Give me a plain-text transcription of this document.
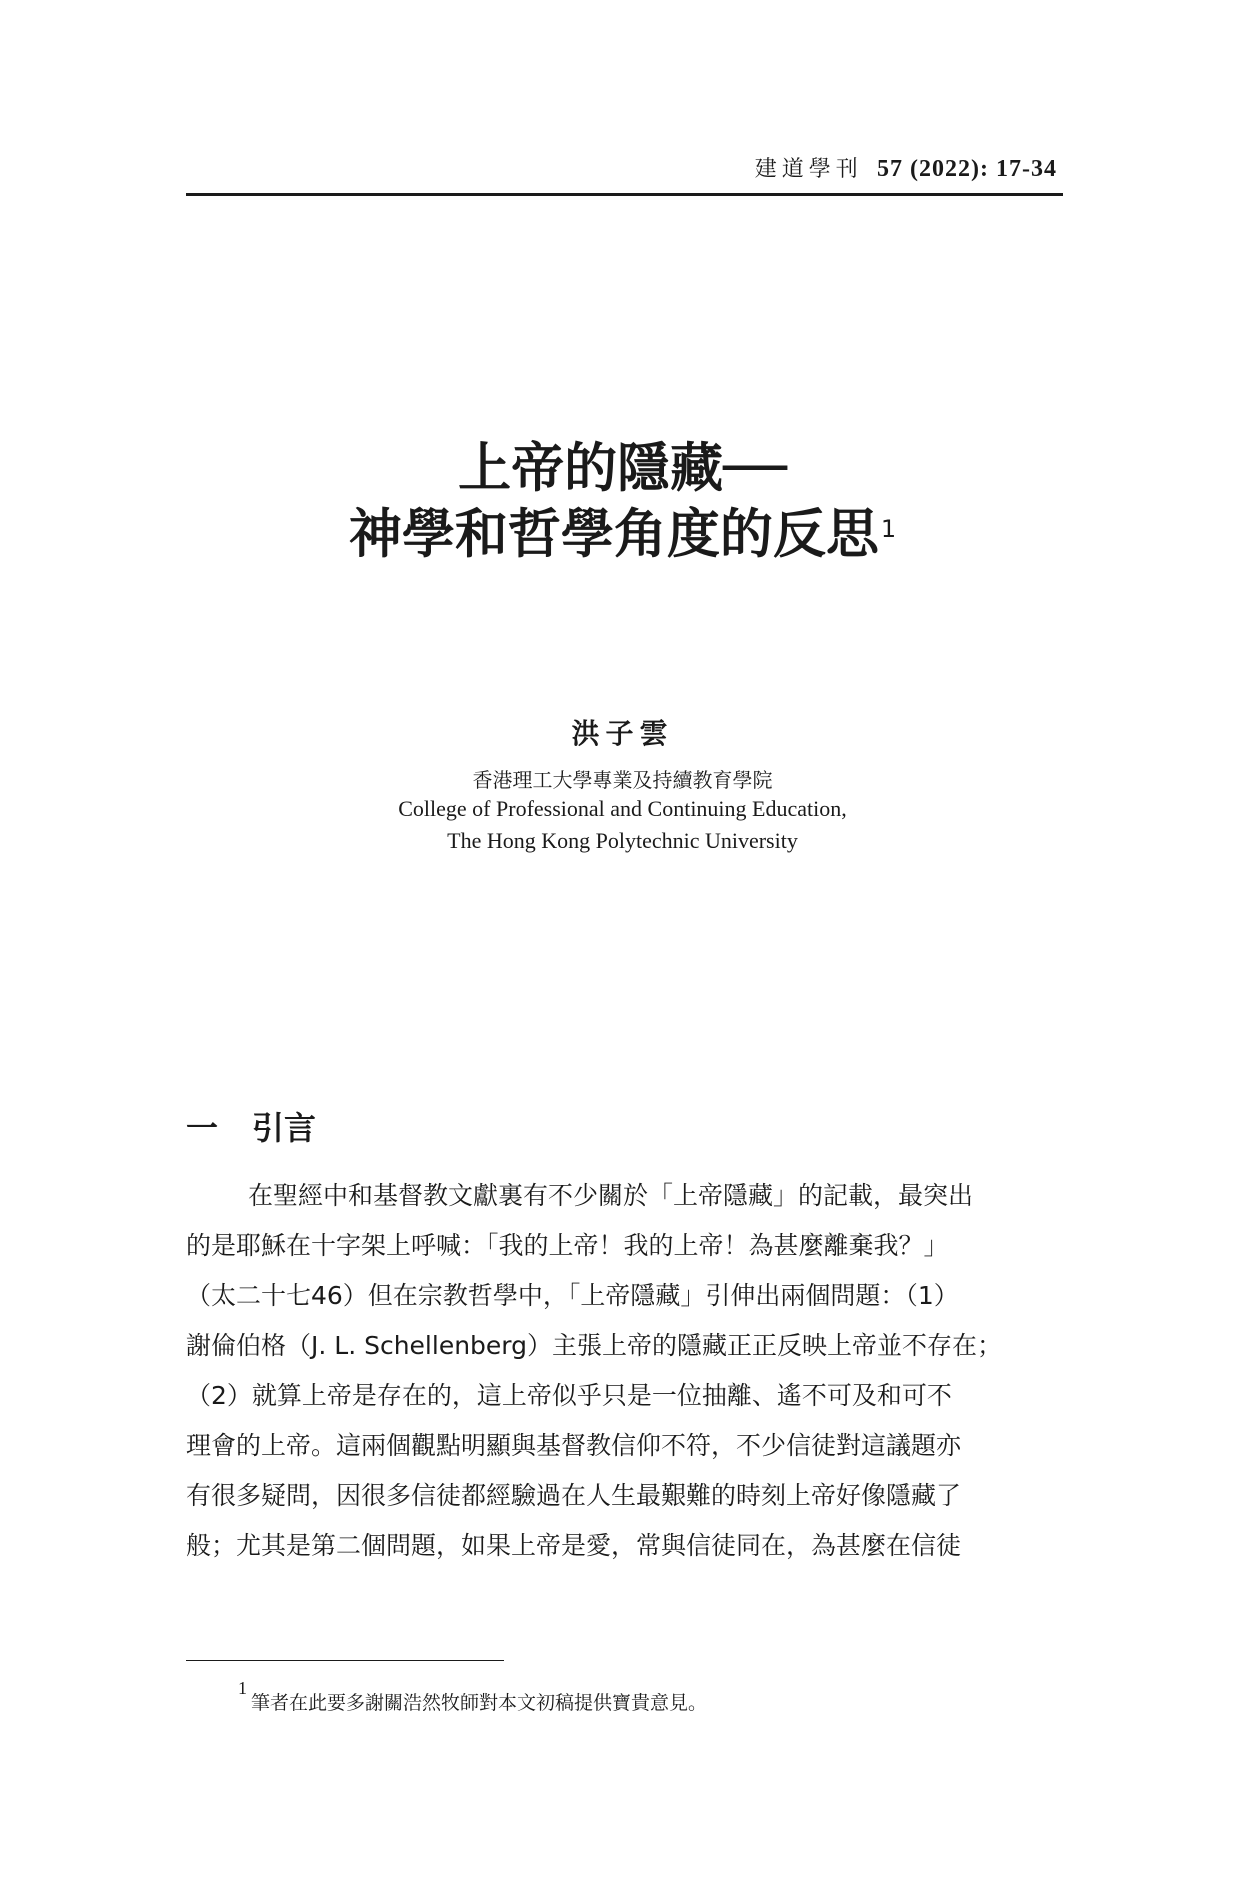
建道學刊 57 (2022): 17-34
上帝的隱藏──
神學和哲學角度的反思$^1$
洪子雲
香港理工大學專業及持續教育學院
College of Professional and Continuing Education,
The Hong Kong Polytechnic University
一 引言
在聖經中和基督教文獻裏有不少關於「上帝隱藏」的記載，最突出
的是耶穌在十字架上呼喊：「我的上帝！我的上帝！為甚麼離棄我？」
（太二十七46）但在宗教哲學中，「上帝隱藏」引伸出兩個問題：（1）
謝倫伯格（J. L. Schellenberg）主張上帝的隱藏正正反映上帝並不存在；
（2）就算上帝是存在的，這上帝似乎只是一位抽離、遙不可及和可不
理會的上帝。這兩個觀點明顯與基督教信仰不符，不少信徒對這議題亦
有很多疑問，因很多信徒都經驗過在人生最艱難的時刻上帝好像隱藏了
般；尤其是第二個問題，如果上帝是愛，常與信徒同在，為甚麼在信徒
$^1$筆者在此要多謝關浩然牧師對本文初稿提供寶貴意見。
